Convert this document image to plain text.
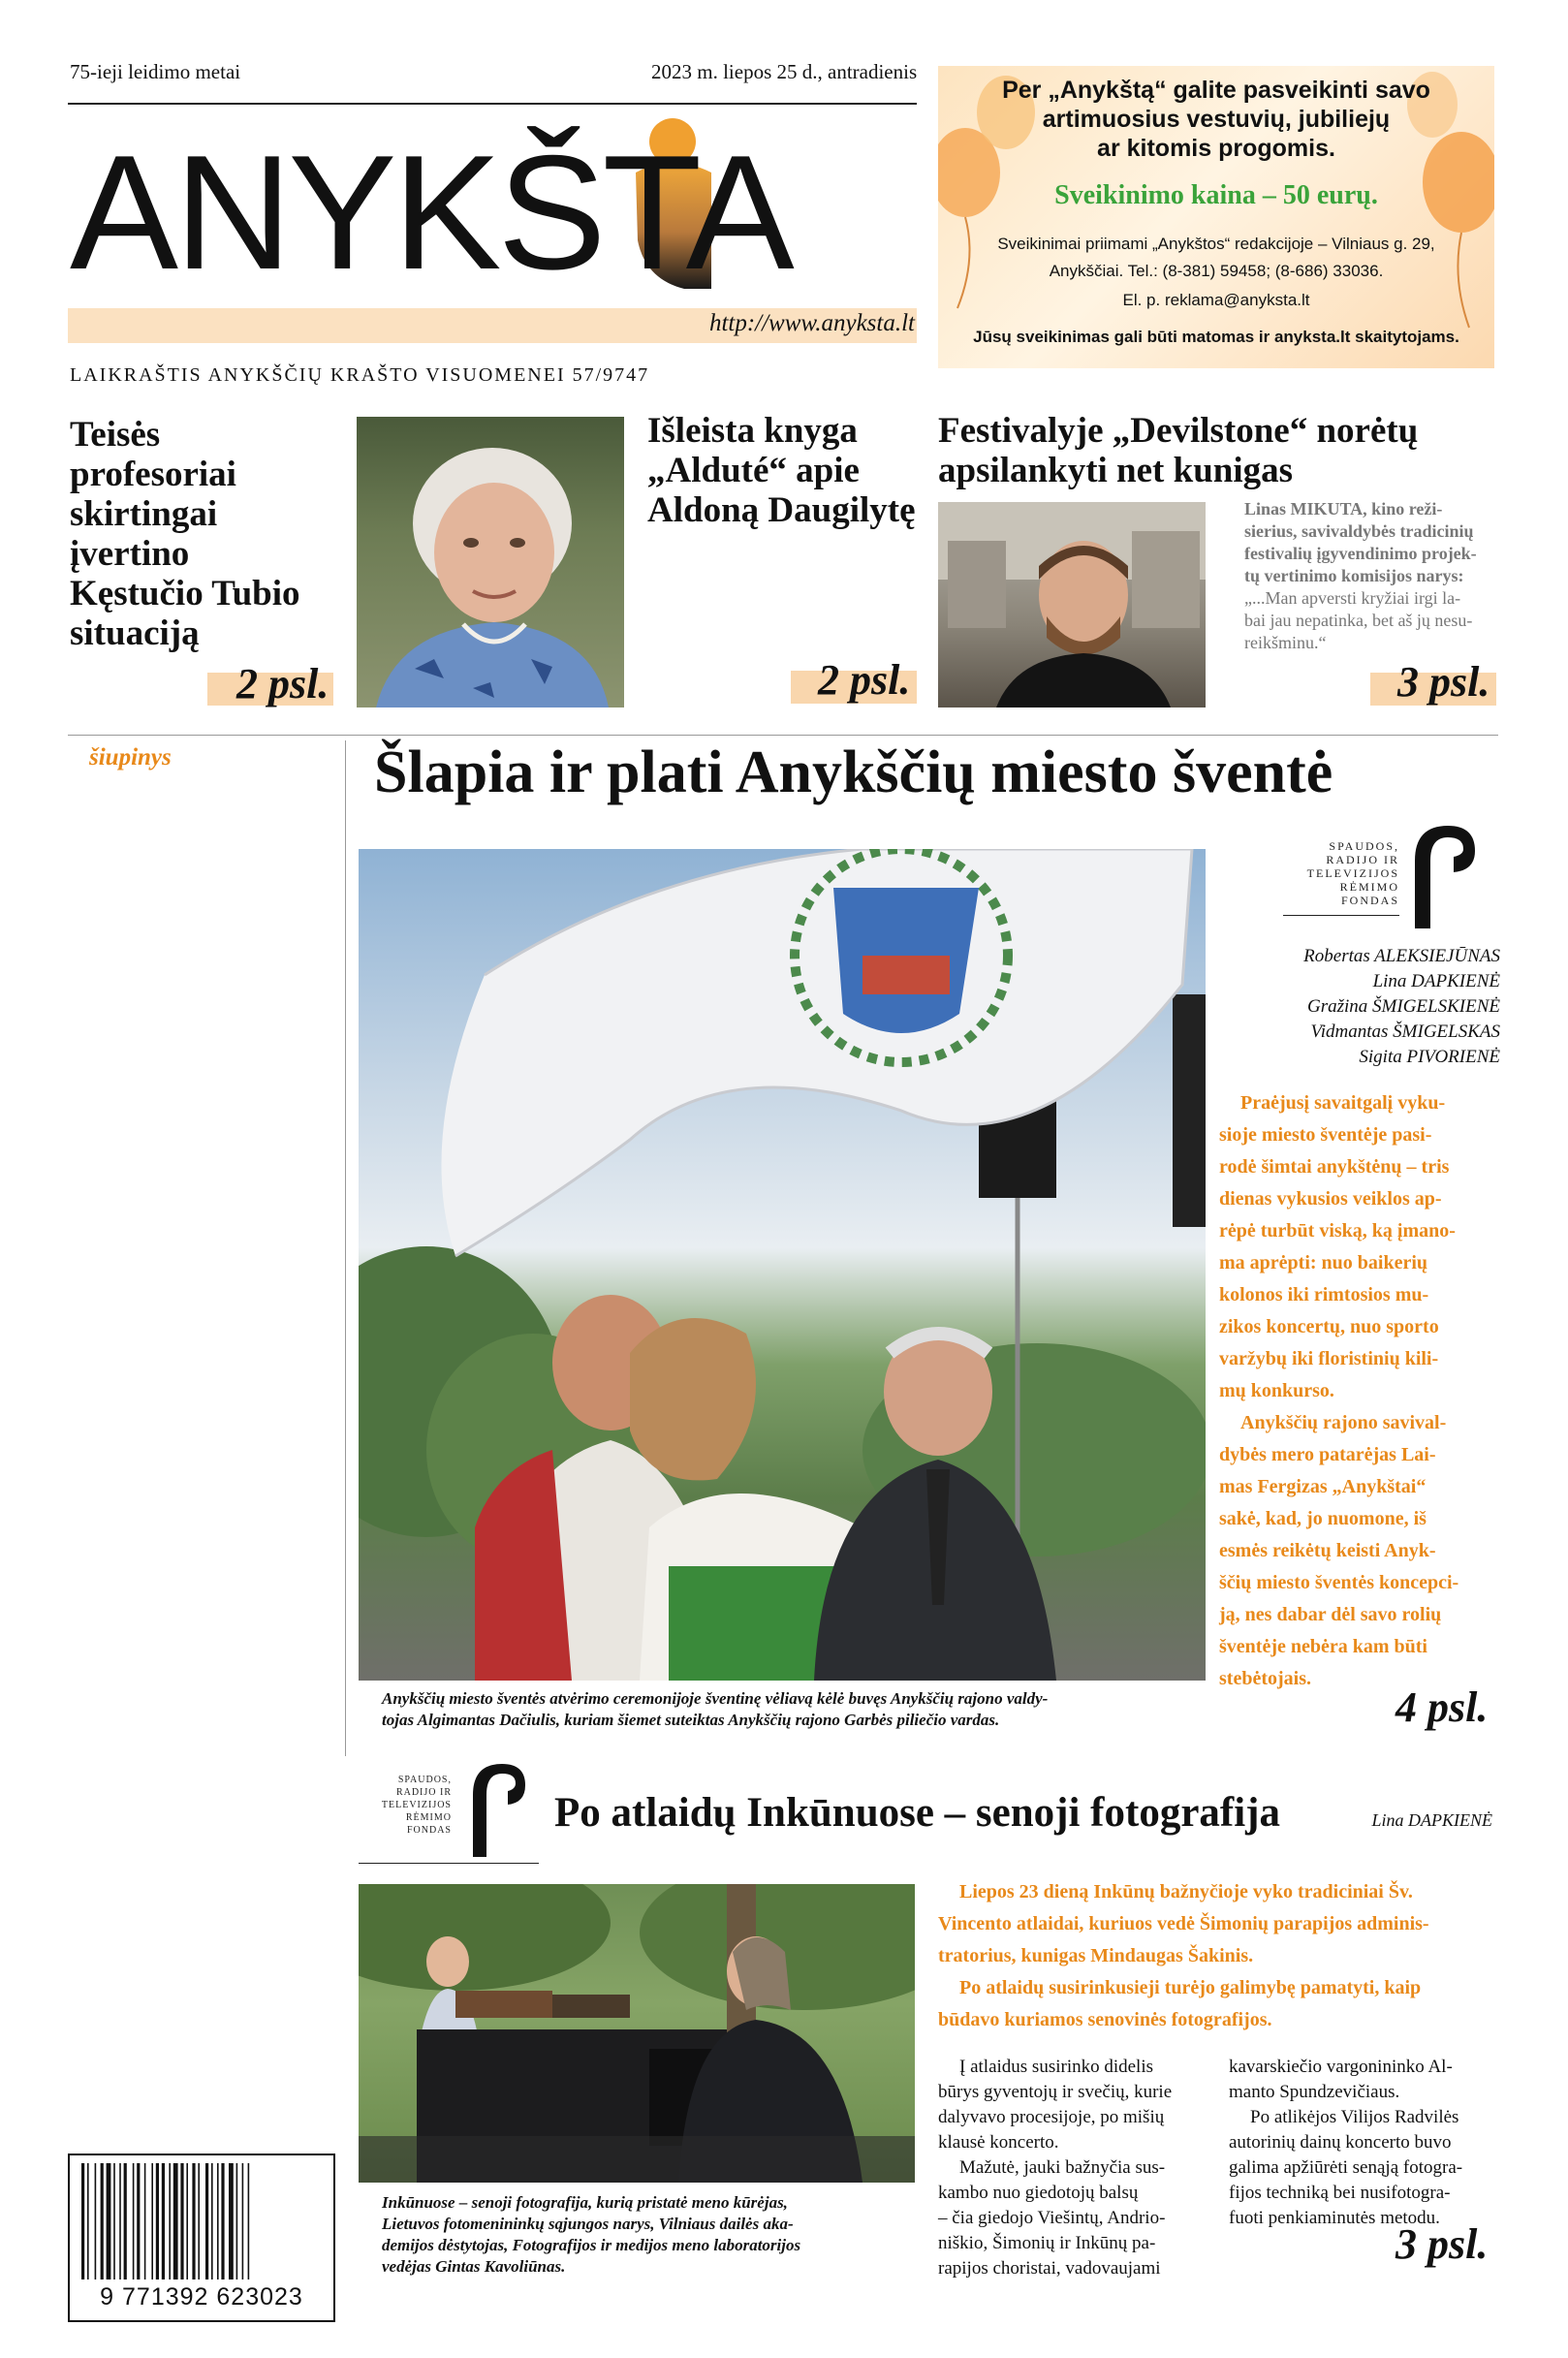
75-ieji leidimo metai	2023 m. liepos 25 d., antradienis
ANYKŠTA
http://www.anyksta.lt
LAIKRAŠTIS ANYKŠČIŲ KRAŠTO VISUOMENEI 57/9747
Per „Anykštą“ galite pasveikinti savo
artimuosius vestuvių, jubiliejų
ar kitomis progomis.
Sveikinimo kaina – 50 eurų.
Sveikinimai priimami „Anykštos“ redakcijoje – Vilniaus g. 29,
Anykščiai. Tel.: (8-381) 59458; (8-686) 33036.
El. p. reklama@anyksta.lt
Jūsų sveikinimas gali būti matomas ir anyksta.lt skaitytojams.
Teisės
profesoriai
skirtingai
įvertino
Kęstučio Tubio
situaciją
2 psl.
Išleista knyga
„Alduté“ apie
Aldoną Daugilytę
2 psl.
Festivalyje „Devilstone“ norėtų
apsilankyti net kunigas
Linas MIKUTA, kino reži-
sierius, savivaldybės tradicinių
festivalių įgyvendinimo projek-
tų vertinimo komisijos narys:
„...Man apversti kryžiai irgi la-
bai jau nepatinka, bet aš jų nesu-
reikšminu.“
3 psl.
šiupinys	Šlapia ir plati Anykščių miesto šventė
Anykščių miesto šventės atvėrimo ceremonijoje šventinę vėliavą kėlė buvęs Anykščių rajono valdy-
tojas Algimantas Dačiulis, kuriam šiemet suteiktas Anykščių rajono Garbės piliečio vardas.
SPAUDOS,
RADIJO IR
TELEVIZIJOS
RĖMIMO
FONDAS R
Robertas ALEKSIEJŪNAS
Lina DAPKIENĖ
Gražina ŠMIGELSKIENĖ
Vidmantas ŠMIGELSKAS
Sigita PIVORIENĖ
Praėjusį savaitgalį vyku-
sioje miesto šventėje pasi-
rodė šimtai anykštėnų – tris
dienas vykusios veiklos ap-
rėpė turbūt viską, ką įmano-
ma aprėpti: nuo baikerių
kolonos iki rimtosios mu-
zikos koncertų, nuo sporto
varžybų iki floristinių kili-
mų konkurso.
Anykščių rajono savival-
dybės mero patarėjas Lai-
mas Fergizas „Anykštai“
sakė, kad, jo nuomone, iš
esmės reikėtų keisti Anyk-
ščių miesto šventės koncepci-
ją, nes dabar dėl savo rolių
šventėje nebėra kam būti
stebėtojais.
4 psl.
SPAUDOS,
RADIJO IR
TELEVIZIJOS
RĖMIMO
FONDAS R
Po atlaidų Inkūnuose – senoji fotografija	Lina DAPKIENĖ
Inkūnuose – senoji fotografija, kurią pristatė meno kūrėjas,
Lietuvos fotomenininkų sąjungos narys, Vilniaus dailės aka-
demijos dėstytojas, Fotografijos ir medijos meno laboratorijos
vedėjas Gintas Kavoliūnas.
Liepos 23 dieną Inkūnų bažnyčioje vyko tradiciniai Šv.
Vincento atlaidai, kuriuos vedė Šimonių parapijos adminis-
tratorius, kunigas Mindaugas Šakinis.
Po atlaidų susirinkusieji turėjo galimybę pamatyti, kaip
būdavo kuriamos senovinės fotografijos.
Į atlaidus susirinko didelis
būrys gyventojų ir svečių, kurie
dalyvavo procesijoje, po mišių
klausė koncerto.
Mažutė, jauki bažnyčia sus-
kambo nuo giedotojų balsų
– čia giedojo Viešintų, Andrio-
niškio, Šimonių ir Inkūnų pa-
rapijos choristai, vadovaujami
kavarskiečio vargonininko Al-
manto Spundzevičiaus.
Po atlikėjos Vilijos Radvilės
autorinių dainų koncerto buvo
galima apžiūrėti senąją fotogra-
fijos techniką bei nusifotogra-
fuoti penkiaminutės metodu.
3 psl.
9 771392 623023
